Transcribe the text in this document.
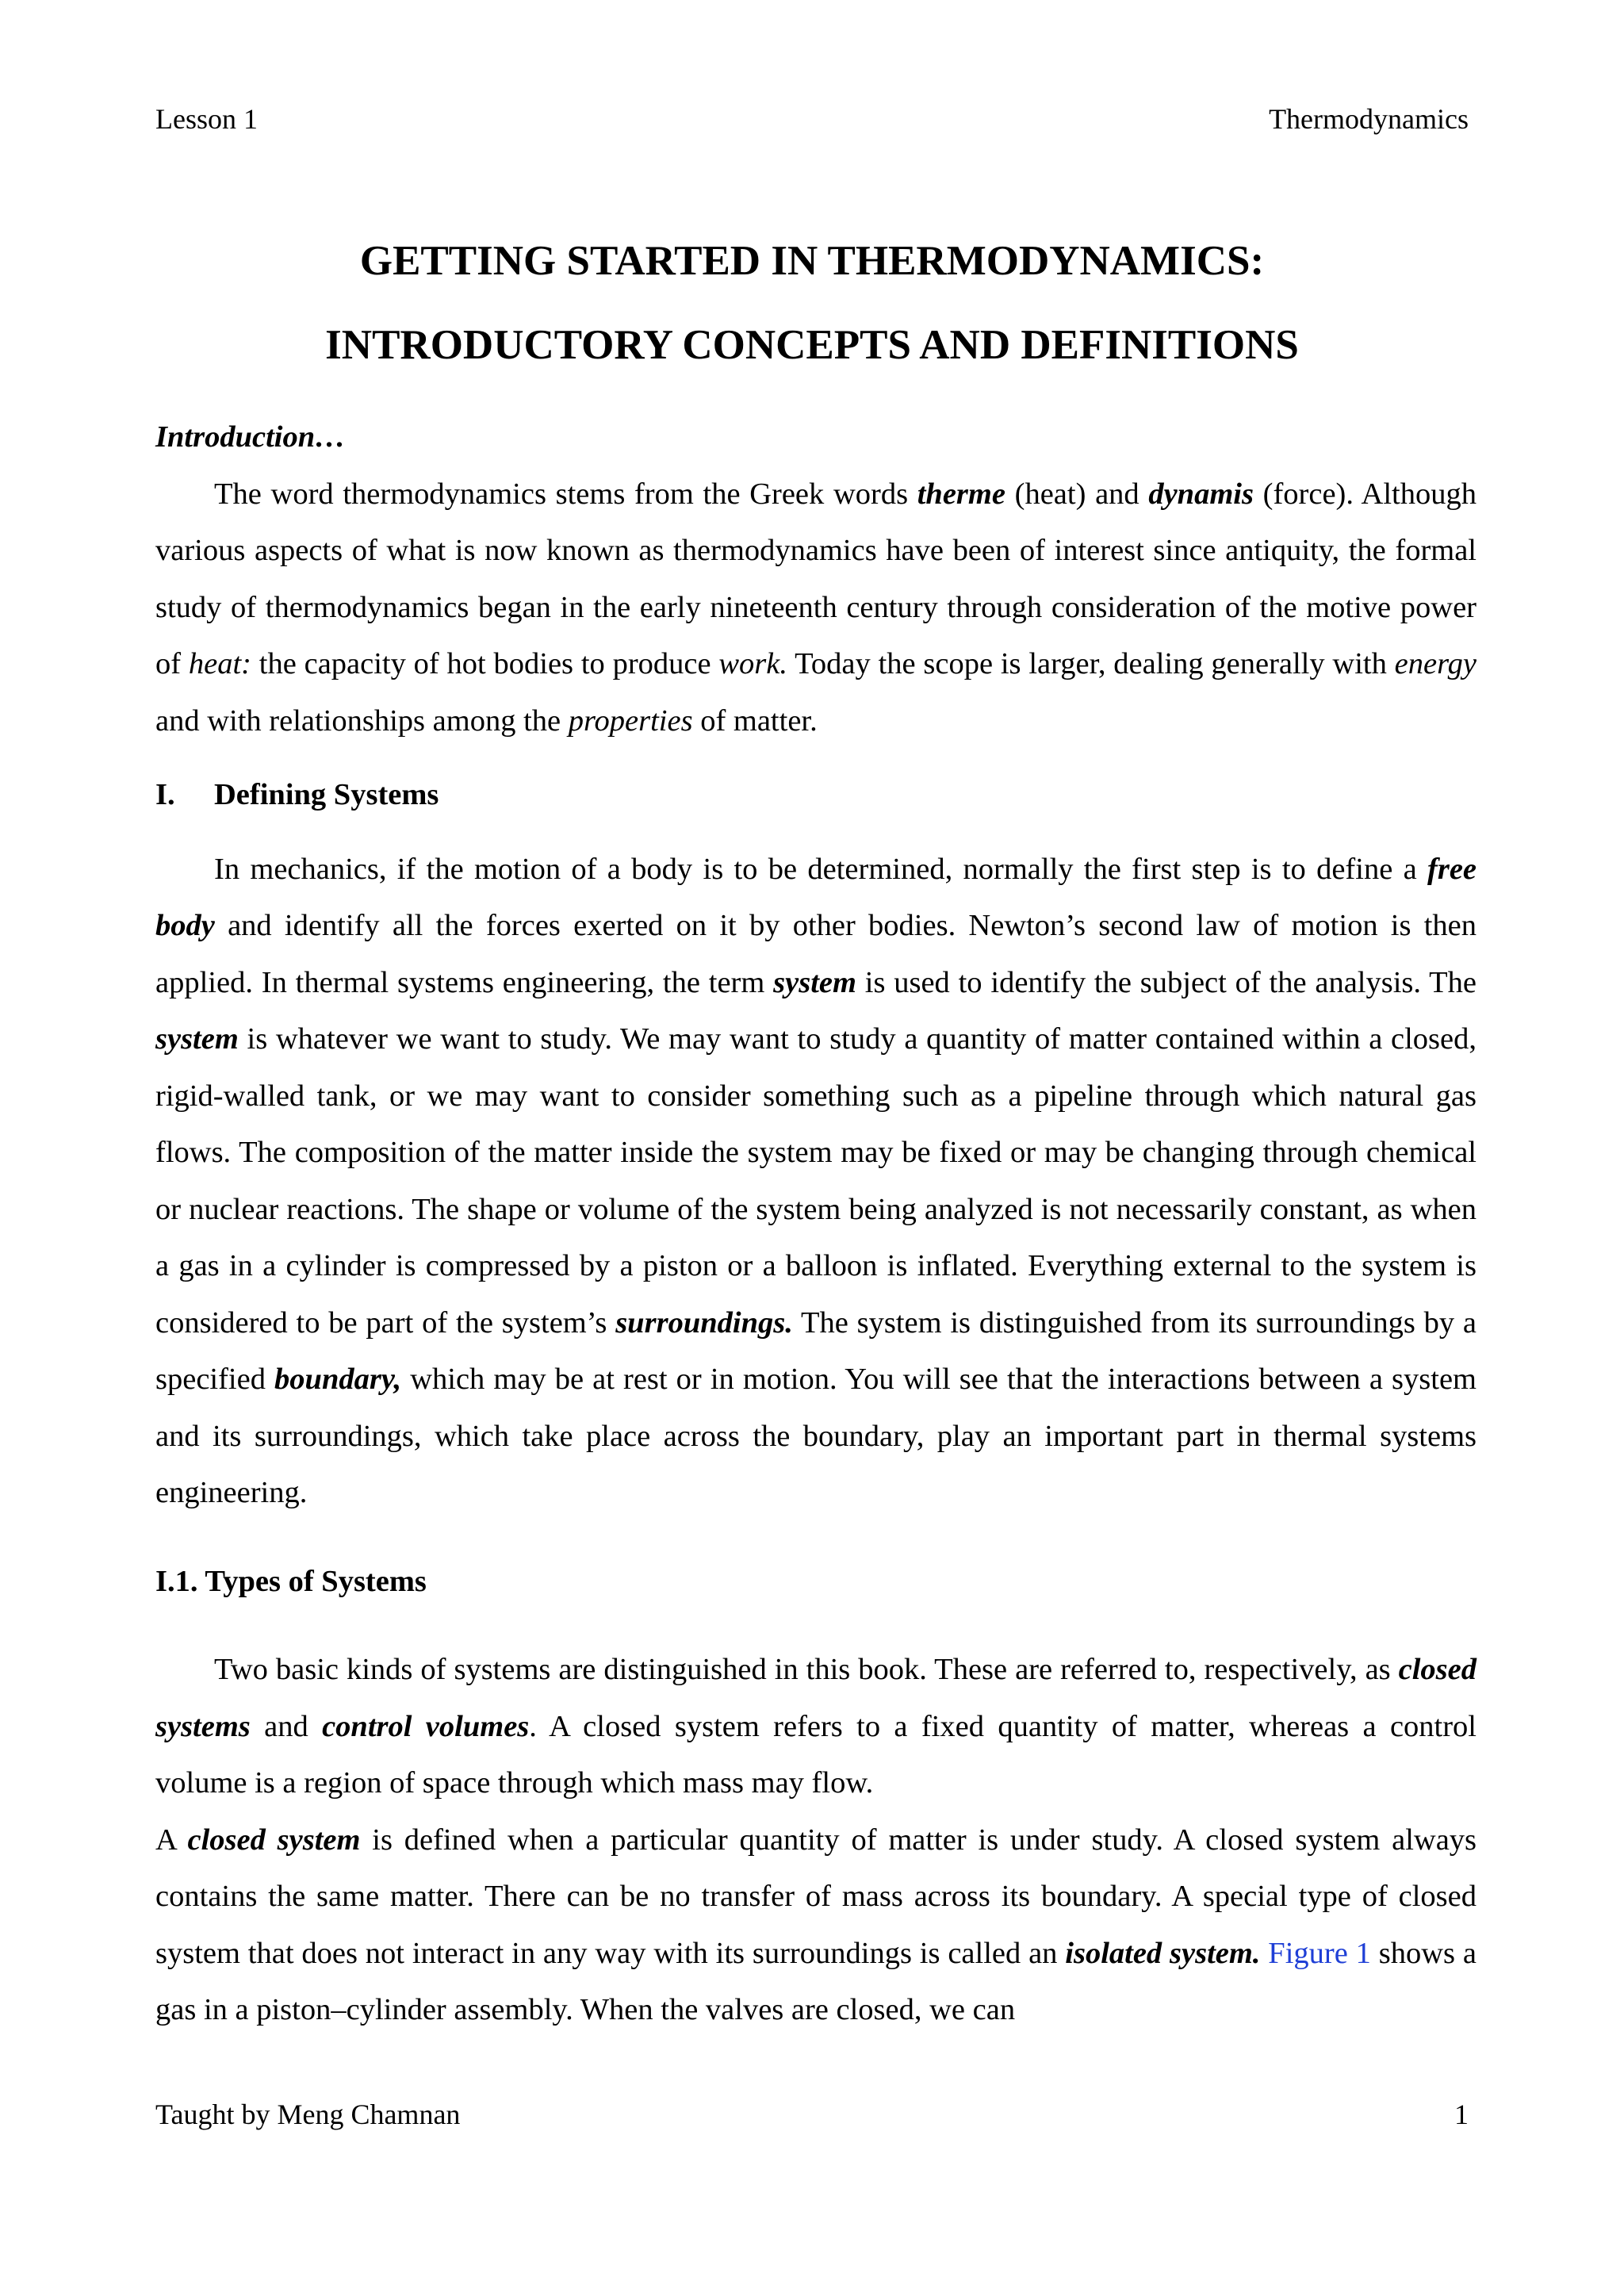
Lesson 1	Thermodynamics
GETTING STARTED IN THERMODYNAMICS:
INTRODUCTORY CONCEPTS AND DEFINITIONS

Introduction…

The word thermodynamics stems from the Greek words therme (heat) and dynamis (force). Although various aspects of what is now known as thermodynamics have been of interest since antiquity, the formal study of thermodynamics began in the early nineteenth century through consideration of the motive power of heat: the capacity of hot bodies to produce work. Today the scope is larger, dealing generally with energy and with relationships among the properties of matter.

I. Defining Systems

In mechanics, if the motion of a body is to be determined, normally the first step is to define a free body and identify all the forces exerted on it by other bodies. Newton’s second law of motion is then applied. In thermal systems engineering, the term system is used to identify the subject of the analysis. The system is whatever we want to study. We may want to study a quantity of matter contained within a closed, rigid-walled tank, or we may want to consider something such as a pipeline through which natural gas flows. The composition of the matter inside the system may be fixed or may be changing through chemical or nuclear reactions. The shape or volume of the system being analyzed is not necessarily constant, as when a gas in a cylinder is compressed by a piston or a balloon is inflated. Everything external to the system is considered to be part of the system’s surroundings. The system is distinguished from its surroundings by a specified boundary, which may be at rest or in motion. You will see that the interactions between a system and its surroundings, which take place across the boundary, play an important part in thermal systems engineering.

I.1. Types of Systems

Two basic kinds of systems are distinguished in this book. These are referred to, respectively, as closed systems and control volumes. A closed system refers to a fixed quantity of matter, whereas a control volume is a region of space through which mass may flow.

A closed system is defined when a particular quantity of matter is under study. A closed system always contains the same matter. There can be no transfer of mass across its boundary. A special type of closed system that does not interact in any way with its surroundings is called an isolated system. Figure 1 shows a gas in a piston–cylinder assembly. When the valves are closed, we can

Taught by Meng Chamnan	1
